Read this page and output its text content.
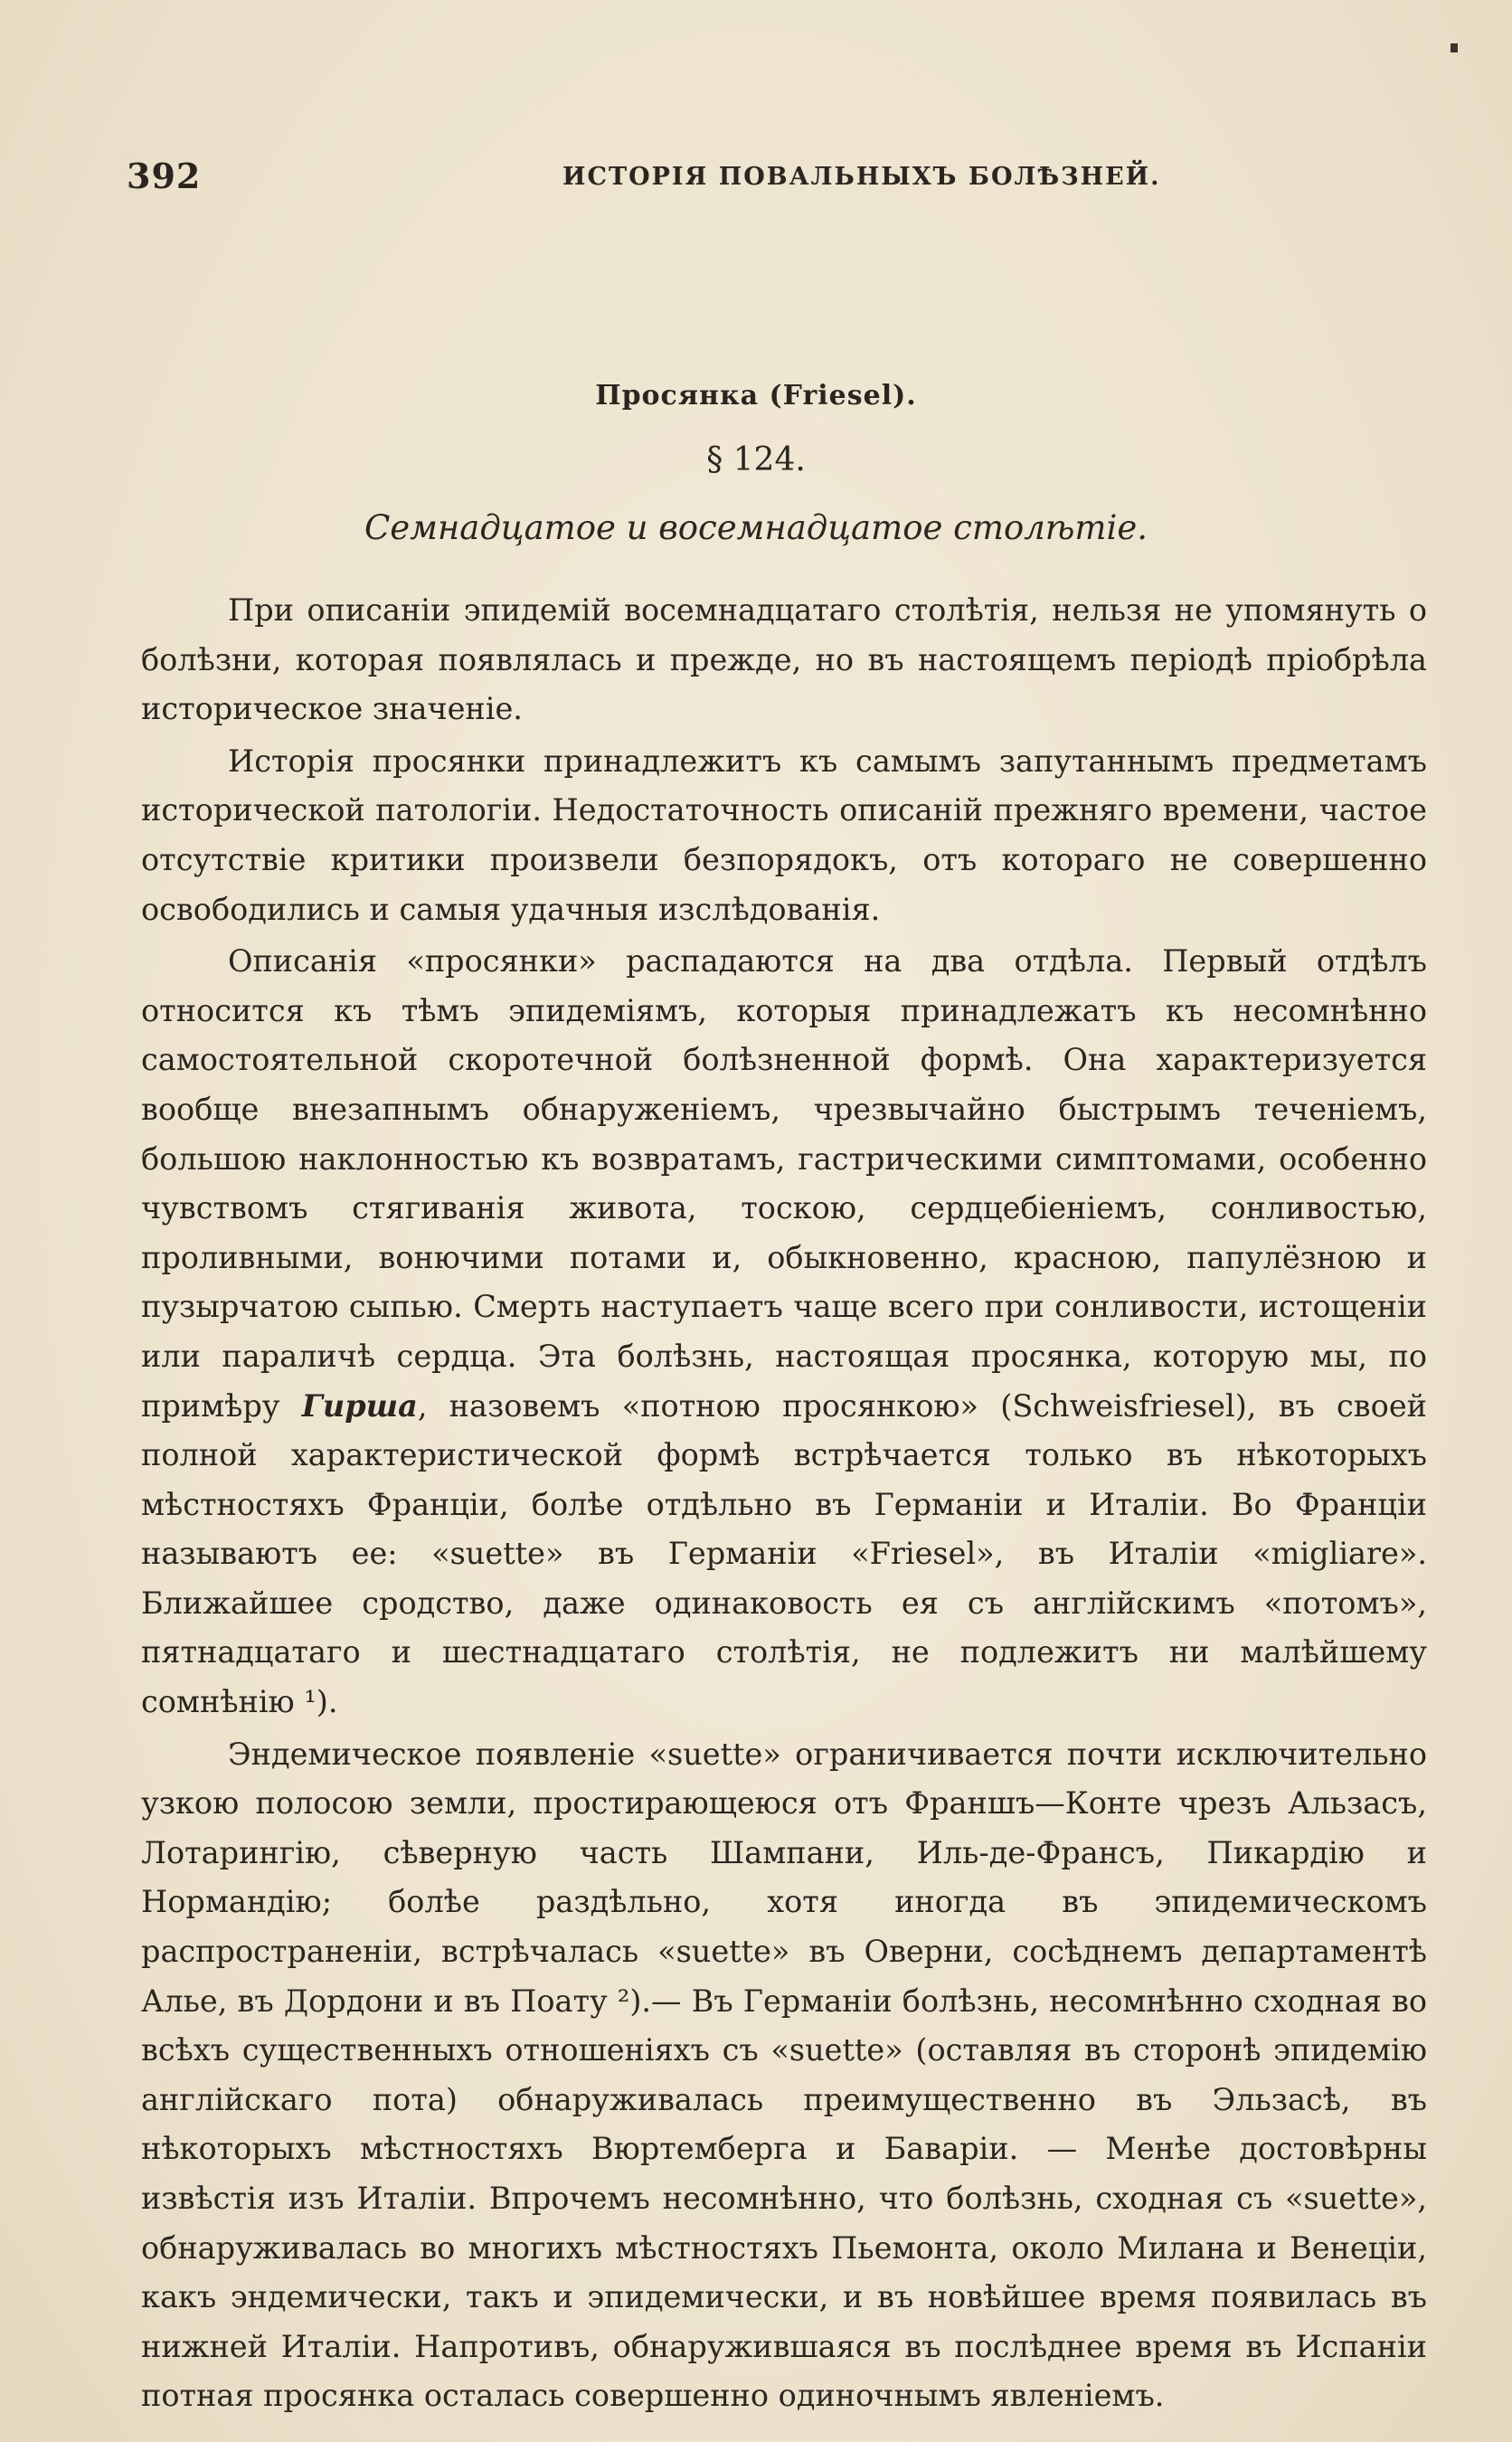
392	ИСТОРІЯ ПОВАЛЬНЫХЪ БОЛѢЗНЕЙ.
Просянка (Friesel).
§ 124.
Семнадцатое и восемнадцатое столѣтіе.

При описаніи эпидемій восемнадцатаго столѣтія, нельзя не упомянуть о болѣзни, которая появлялась и прежде, но въ настоящемъ періодѣ пріобрѣла историческое значеніе.

Исторія просянки принадлежитъ къ самымъ запутаннымъ предметамъ исторической патологіи. Недостаточность описаній прежняго времени, частое отсутствіе критики произвели безпорядокъ, отъ котораго не совершенно освободились и самыя удачныя изслѣдованія.

Описанія «просянки» распадаются на два отдѣла. Первый отдѣлъ относится къ тѣмъ эпидеміямъ, которыя принадлежатъ къ несомнѣнно самостоятельной скоротечной болѣзненной формѣ. Она характеризуется вообще внезапнымъ обнаруженіемъ, чрезвычайно быстрымъ теченіемъ, большою наклонностью къ возвратамъ, гастрическими симптомами, особенно чувствомъ стягиванія живота, тоскою, сердцебіеніемъ, сонливостью, проливными, вонючими потами и, обыкновенно, красною, папулёзною и пузырчатою сыпью. Смерть наступаетъ чаще всего при сонливости, истощеніи или параличѣ сердца. Эта болѣзнь, настоящая просянка, которую мы, по примѣру Гирша, назовемъ «потною просянкою» (Schweisfriesel), въ своей полной характеристической формѣ встрѣчается только въ нѣкоторыхъ мѣстностяхъ Франціи, болѣе отдѣльно въ Германіи и Италіи. Во Франціи называютъ ее: «suette» въ Германіи «Friesel», въ Италіи «migliare». Ближайшее сродство, даже одинаковость ея съ англійскимъ «потомъ», пятнадцатаго и шестнадцатаго столѣтія, не подлежитъ ни малѣйшему сомнѣнію ¹).

Эндемическое появленіе «suette» ограничивается почти исключительно узкою полосою земли, простирающеюся отъ Франшъ—Конте чрезъ Альзасъ, Лотарингію, сѣверную часть Шампани, Иль-де-Франсъ, Пикардію и Нормандію; болѣе раздѣльно, хотя иногда въ эпидемическомъ распространеніи, встрѣчалась «suette» въ Оверни, сосѣднемъ департаментѣ Алье, въ Дордони и въ Поату ²).— Въ Германіи болѣзнь, несомнѣнно сходная во всѣхъ существенныхъ отношеніяхъ съ «suette» (оставляя въ сторонѣ эпидемію англійскаго пота) обнаруживалась преимущественно въ Эльзасѣ, въ нѣкоторыхъ мѣстностяхъ Вюртемберга и Баваріи. — Менѣе достовѣрны извѣстія изъ Италіи. Впрочемъ несомнѣнно, что болѣзнь, сходная съ «suette», обнаруживалась во многихъ мѣстностяхъ Пьемонта, около Милана и Венеціи, какъ эндемически, такъ и эпидемически, и въ новѣйшее время появилась въ нижней Италіи. Напротивъ, обнаружившаяся въ послѣднее время въ Испаніи потная просянка осталась совершенно одиночнымъ явленіемъ.
